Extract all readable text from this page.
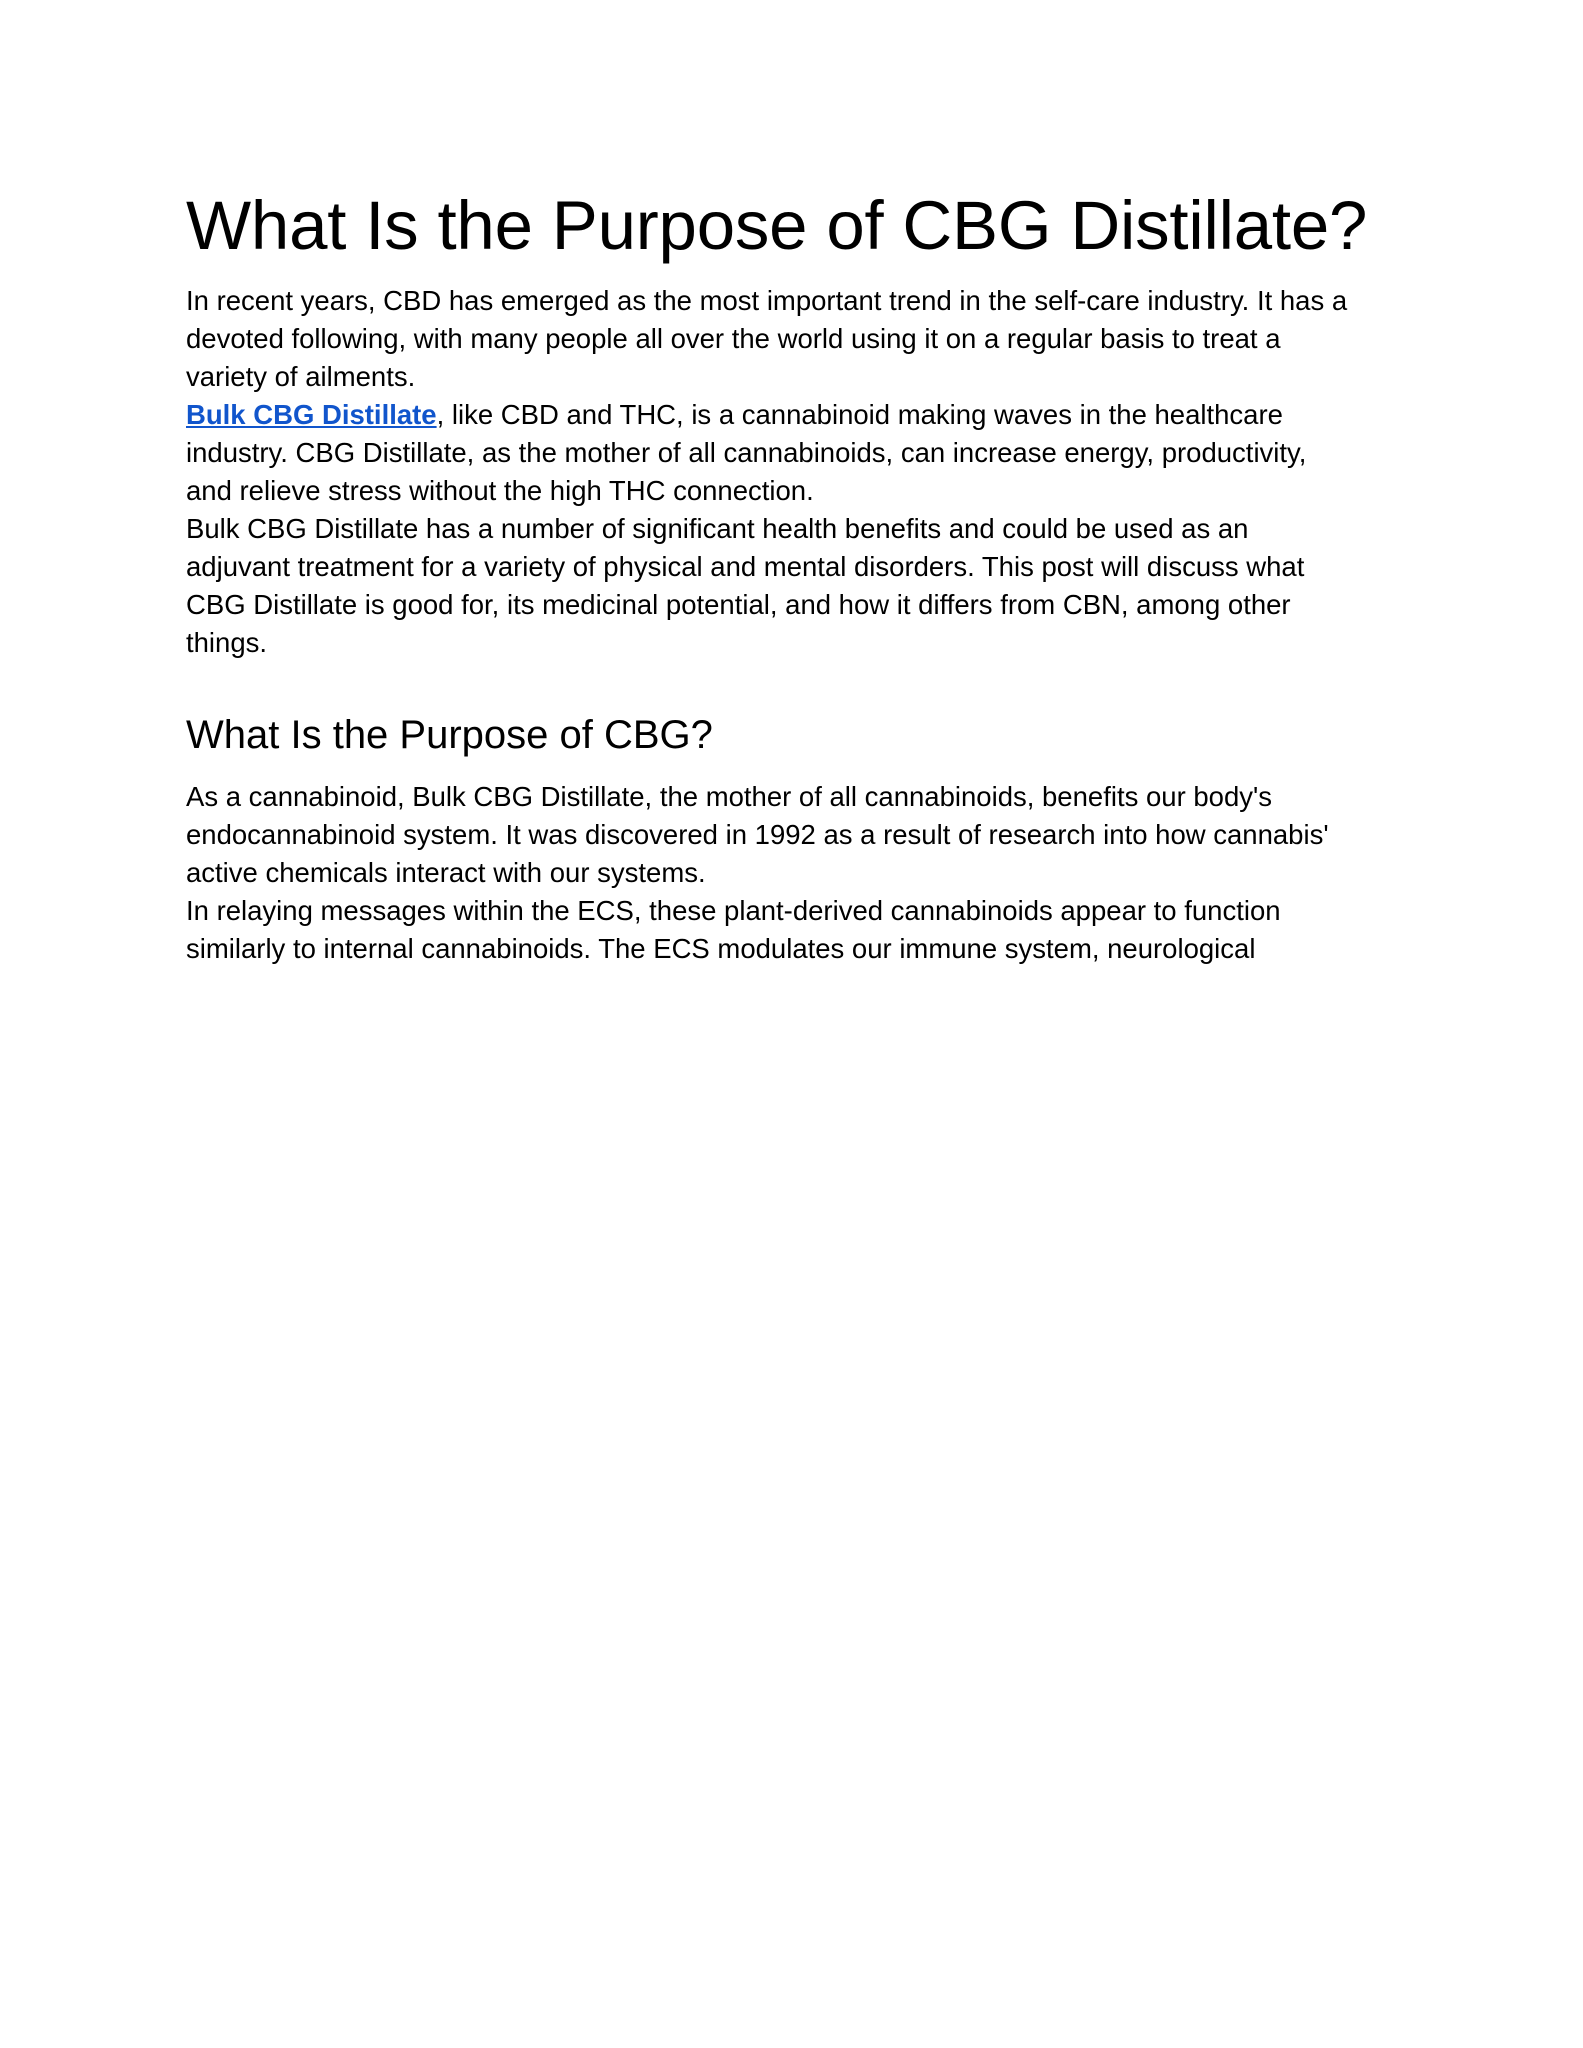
What Is the Purpose of CBG Distillate?

In recent years, CBD has emerged as the most important trend in the self-care industry. It has a
devoted following, with many people all over the world using it on a regular basis to treat a
variety of ailments.

Bulk CBG Distillate, like CBD and THC, is a cannabinoid making waves in the healthcare
industry. CBG Distillate, as the mother of all cannabinoids, can increase energy, productivity,
and relieve stress without the high THC connection.

Bulk CBG Distillate has a number of significant health benefits and could be used as an
adjuvant treatment for a variety of physical and mental disorders. This post will discuss what
CBG Distillate is good for, its medicinal potential, and how it differs from CBN, among other
things.

What Is the Purpose of CBG?

As a cannabinoid, Bulk CBG Distillate, the mother of all cannabinoids, benefits our body's
endocannabinoid system. It was discovered in 1992 as a result of research into how cannabis'
active chemicals interact with our systems.

In relaying messages within the ECS, these plant-derived cannabinoids appear to function
similarly to internal cannabinoids. The ECS modulates our immune system, neurological
